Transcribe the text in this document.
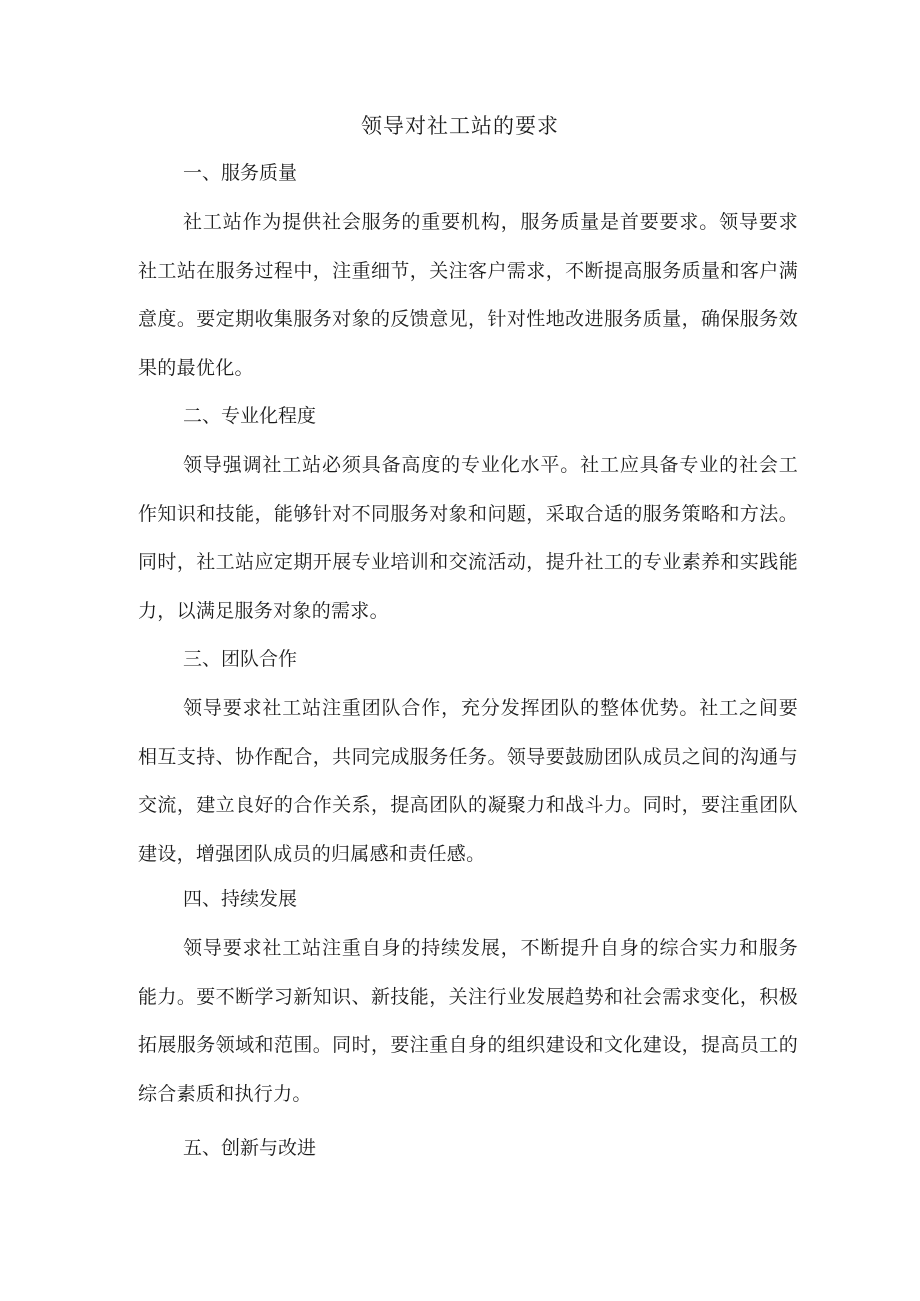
领导对社工站的要求
一、服务质量

社工站作为提供社会服务的重要机构，服务质量是首要要求。领导要求社工站在服务过程中，注重细节，关注客户需求，不断提高服务质量和客户满意度。要定期收集服务对象的反馈意见，针对性地改进服务质量，确保服务效果的最优化。

二、专业化程度

领导强调社工站必须具备高度的专业化水平。社工应具备专业的社会工作知识和技能，能够针对不同服务对象和问题，采取合适的服务策略和方法。同时，社工站应定期开展专业培训和交流活动，提升社工的专业素养和实践能力，以满足服务对象的需求。

三、团队合作

领导要求社工站注重团队合作，充分发挥团队的整体优势。社工之间要相互支持、协作配合，共同完成服务任务。领导要鼓励团队成员之间的沟通与交流，建立良好的合作关系，提高团队的凝聚力和战斗力。同时，要注重团队建设，增强团队成员的归属感和责任感。

四、持续发展

领导要求社工站注重自身的持续发展，不断提升自身的综合实力和服务能力。要不断学习新知识、新技能，关注行业发展趋势和社会需求变化，积极拓展服务领域和范围。同时，要注重自身的组织建设和文化建设，提高员工的综合素质和执行力。

五、创新与改进
